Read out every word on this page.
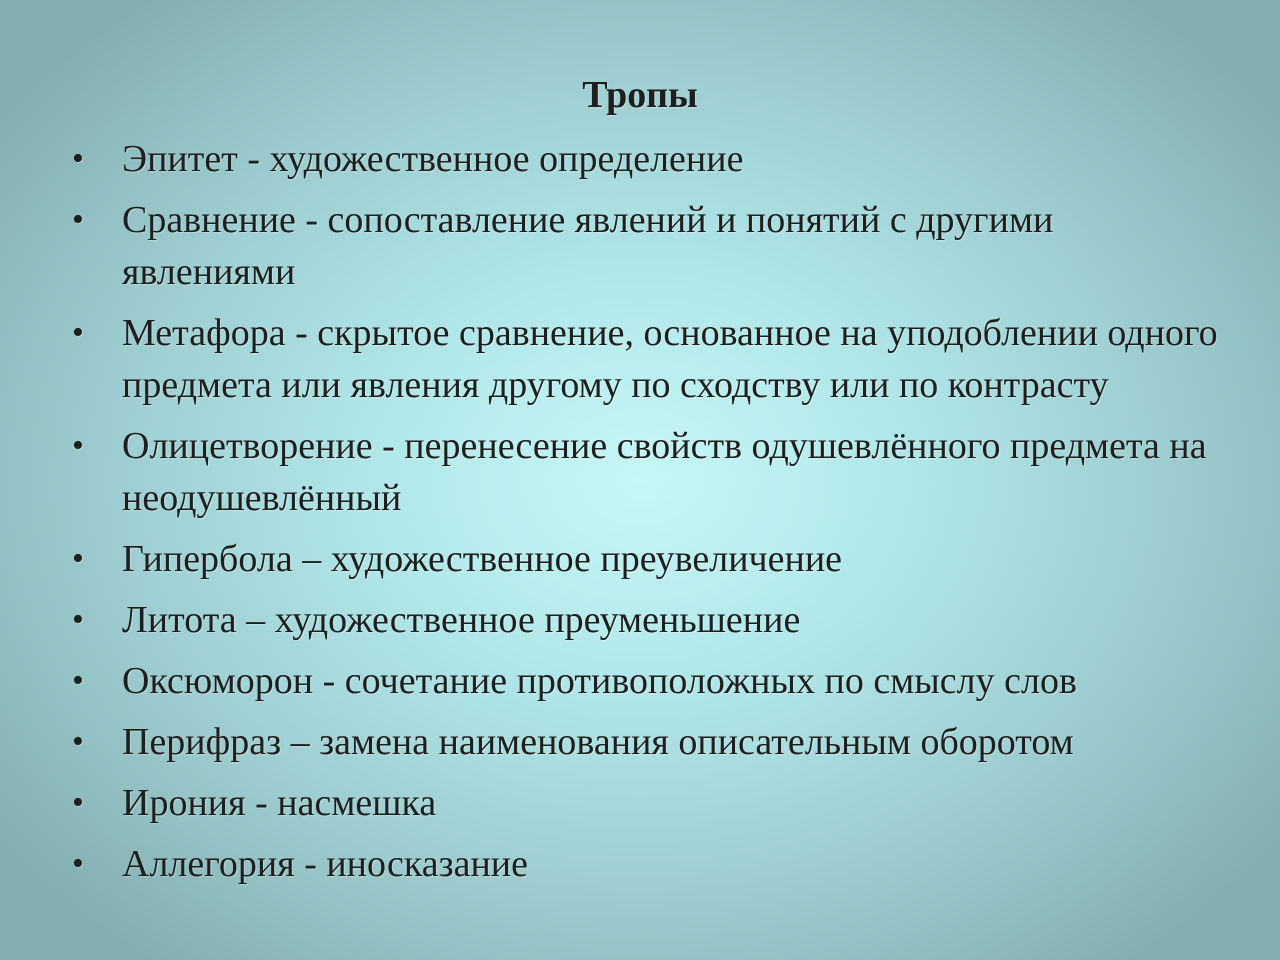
Тропы
•	Эпитет - художественное определение
•	Сравнение - сопоставление явлений и понятий с другими явлениями
•	Метафора - скрытое сравнение, основанное на уподоблении одного предмета или явления другому по сходству или по контрасту
•	Олицетворение - перенесение свойств одушевлённого предмета на неодушевлённый
•	Гипербола – художественное преувеличение
•	Литота – художественное преуменьшение
•	Оксюморон - сочетание противоположных по смыслу слов
•	Перифраз – замена наименования описательным оборотом
•	Ирония - насмешка
•	Аллегория - иносказание
